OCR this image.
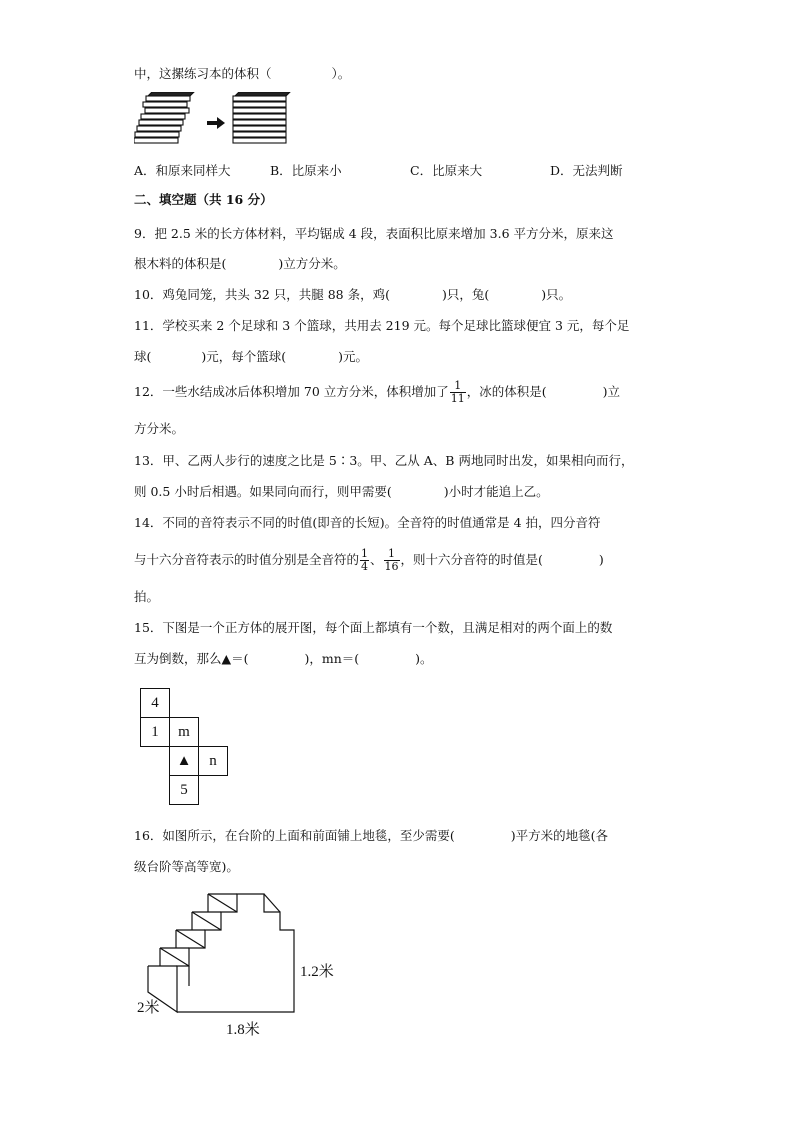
中，这摞练习本的体积（	）。
A．和原来同样大	B．比原来小	C．比原来大	D．无法判断
二、填空题（共 16 分）
9．把 2.5 米的长方体材料，平均锯成 4 段，表面积比原来增加 3.6 平方分米，原来这
根木料的体积是(	)立方分米。
10．鸡兔同笼，共头 32 只，共腿 88 条，鸡(	)只，兔(	)只。
11．学校买来 2 个足球和 3 个篮球，共用去 219 元。每个足球比篮球便宜 3 元，每个足
球(	)元，每个篮球(	)元。
12．一些水结成冰后体积增加 70 立方分米，体积增加了 $\frac{1}{11}$ ，冰的体积是(	)立
方分米。
13．甲、乙两人步行的速度之比是 5∶3。甲、乙从 A、B 两地同时出发，如果相向而行，
则 0.5 小时后相遇。如果同向而行，则甲需要(	)小时才能追上乙。
14．不同的音符表示不同的时值(即音的长短)。全音符的时值通常是 4 拍，四分音符
与十六分音符表示的时值分别是全音符的 $\frac{1}{4}$ 、 $\frac{1}{16}$ ，则十六分音符的时值是(	)
拍。
15．下图是一个正方体的展开图，每个面上都填有一个数，且满足相对的两个面上的数
互为倒数，那么▲＝(	)，mn＝(	)。
4
1	m
▲	n
5
16．如图所示，在台阶的上面和前面铺上地毯，至少需要(	)平方米的地毯(各
级台阶等高等宽)。
1.2米
2米
1.8米
